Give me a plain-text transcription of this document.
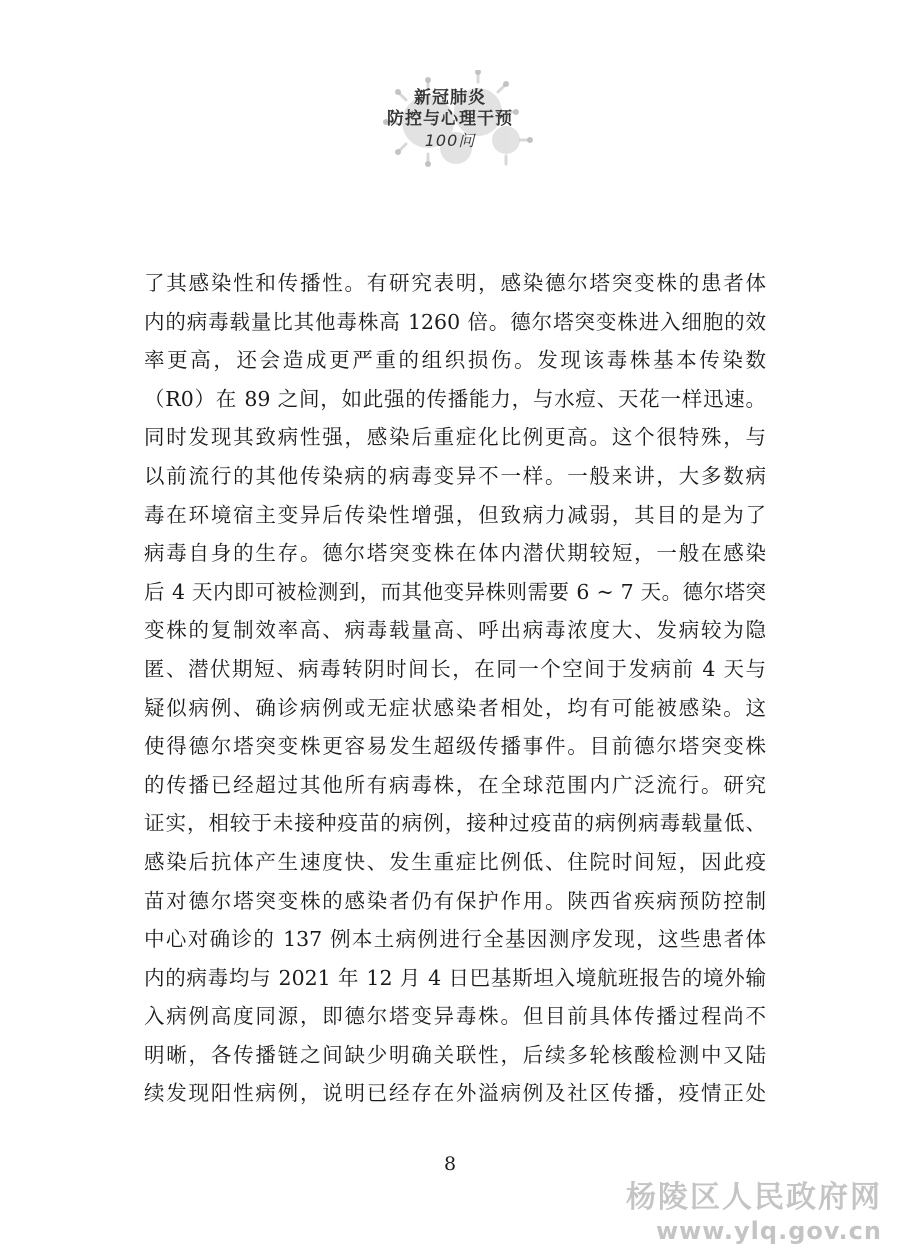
新冠肺炎
防控与心理干预
100问
了其感染性和传播性。有研究表明，感染德尔塔突变株的患者体
内的病毒载量比其他毒株高 1260 倍。德尔塔突变株进入细胞的效
率更高，还会造成更严重的组织损伤。发现该毒株基本传染数
（R0）在 89 之间，如此强的传播能力，与水痘、天花一样迅速。
同时发现其致病性强，感染后重症化比例更高。这个很特殊，与
以前流行的其他传染病的病毒变异不一样。一般来讲，大多数病
毒在环境宿主变异后传染性增强，但致病力减弱，其目的是为了
病毒自身的生存。德尔塔突变株在体内潜伏期较短，一般在感染
后 4 天内即可被检测到，而其他变异株则需要 6 ~ 7 天。德尔塔突
变株的复制效率高、病毒载量高、呼出病毒浓度大、发病较为隐
匿、潜伏期短、病毒转阴时间长，在同一个空间于发病前 4 天与
疑似病例、确诊病例或无症状感染者相处，均有可能被感染。这
使得德尔塔突变株更容易发生超级传播事件。目前德尔塔突变株
的传播已经超过其他所有病毒株，在全球范围内广泛流行。研究
证实，相较于未接种疫苗的病例，接种过疫苗的病例病毒载量低、
感染后抗体产生速度快、发生重症比例低、住院时间短，因此疫
苗对德尔塔突变株的感染者仍有保护作用。陕西省疾病预防控制
中心对确诊的 137 例本土病例进行全基因测序发现，这些患者体
内的病毒均与 2021 年 12 月 4 日巴基斯坦入境航班报告的境外输
入病例高度同源，即德尔塔变异毒株。但目前具体传播过程尚不
明晰，各传播链之间缺少明确关联性，后续多轮核酸检测中又陆
续发现阳性病例，说明已经存在外溢病例及社区传播，疫情正处
8
杨陵区人民政府网
www.ylq.gov.cn
